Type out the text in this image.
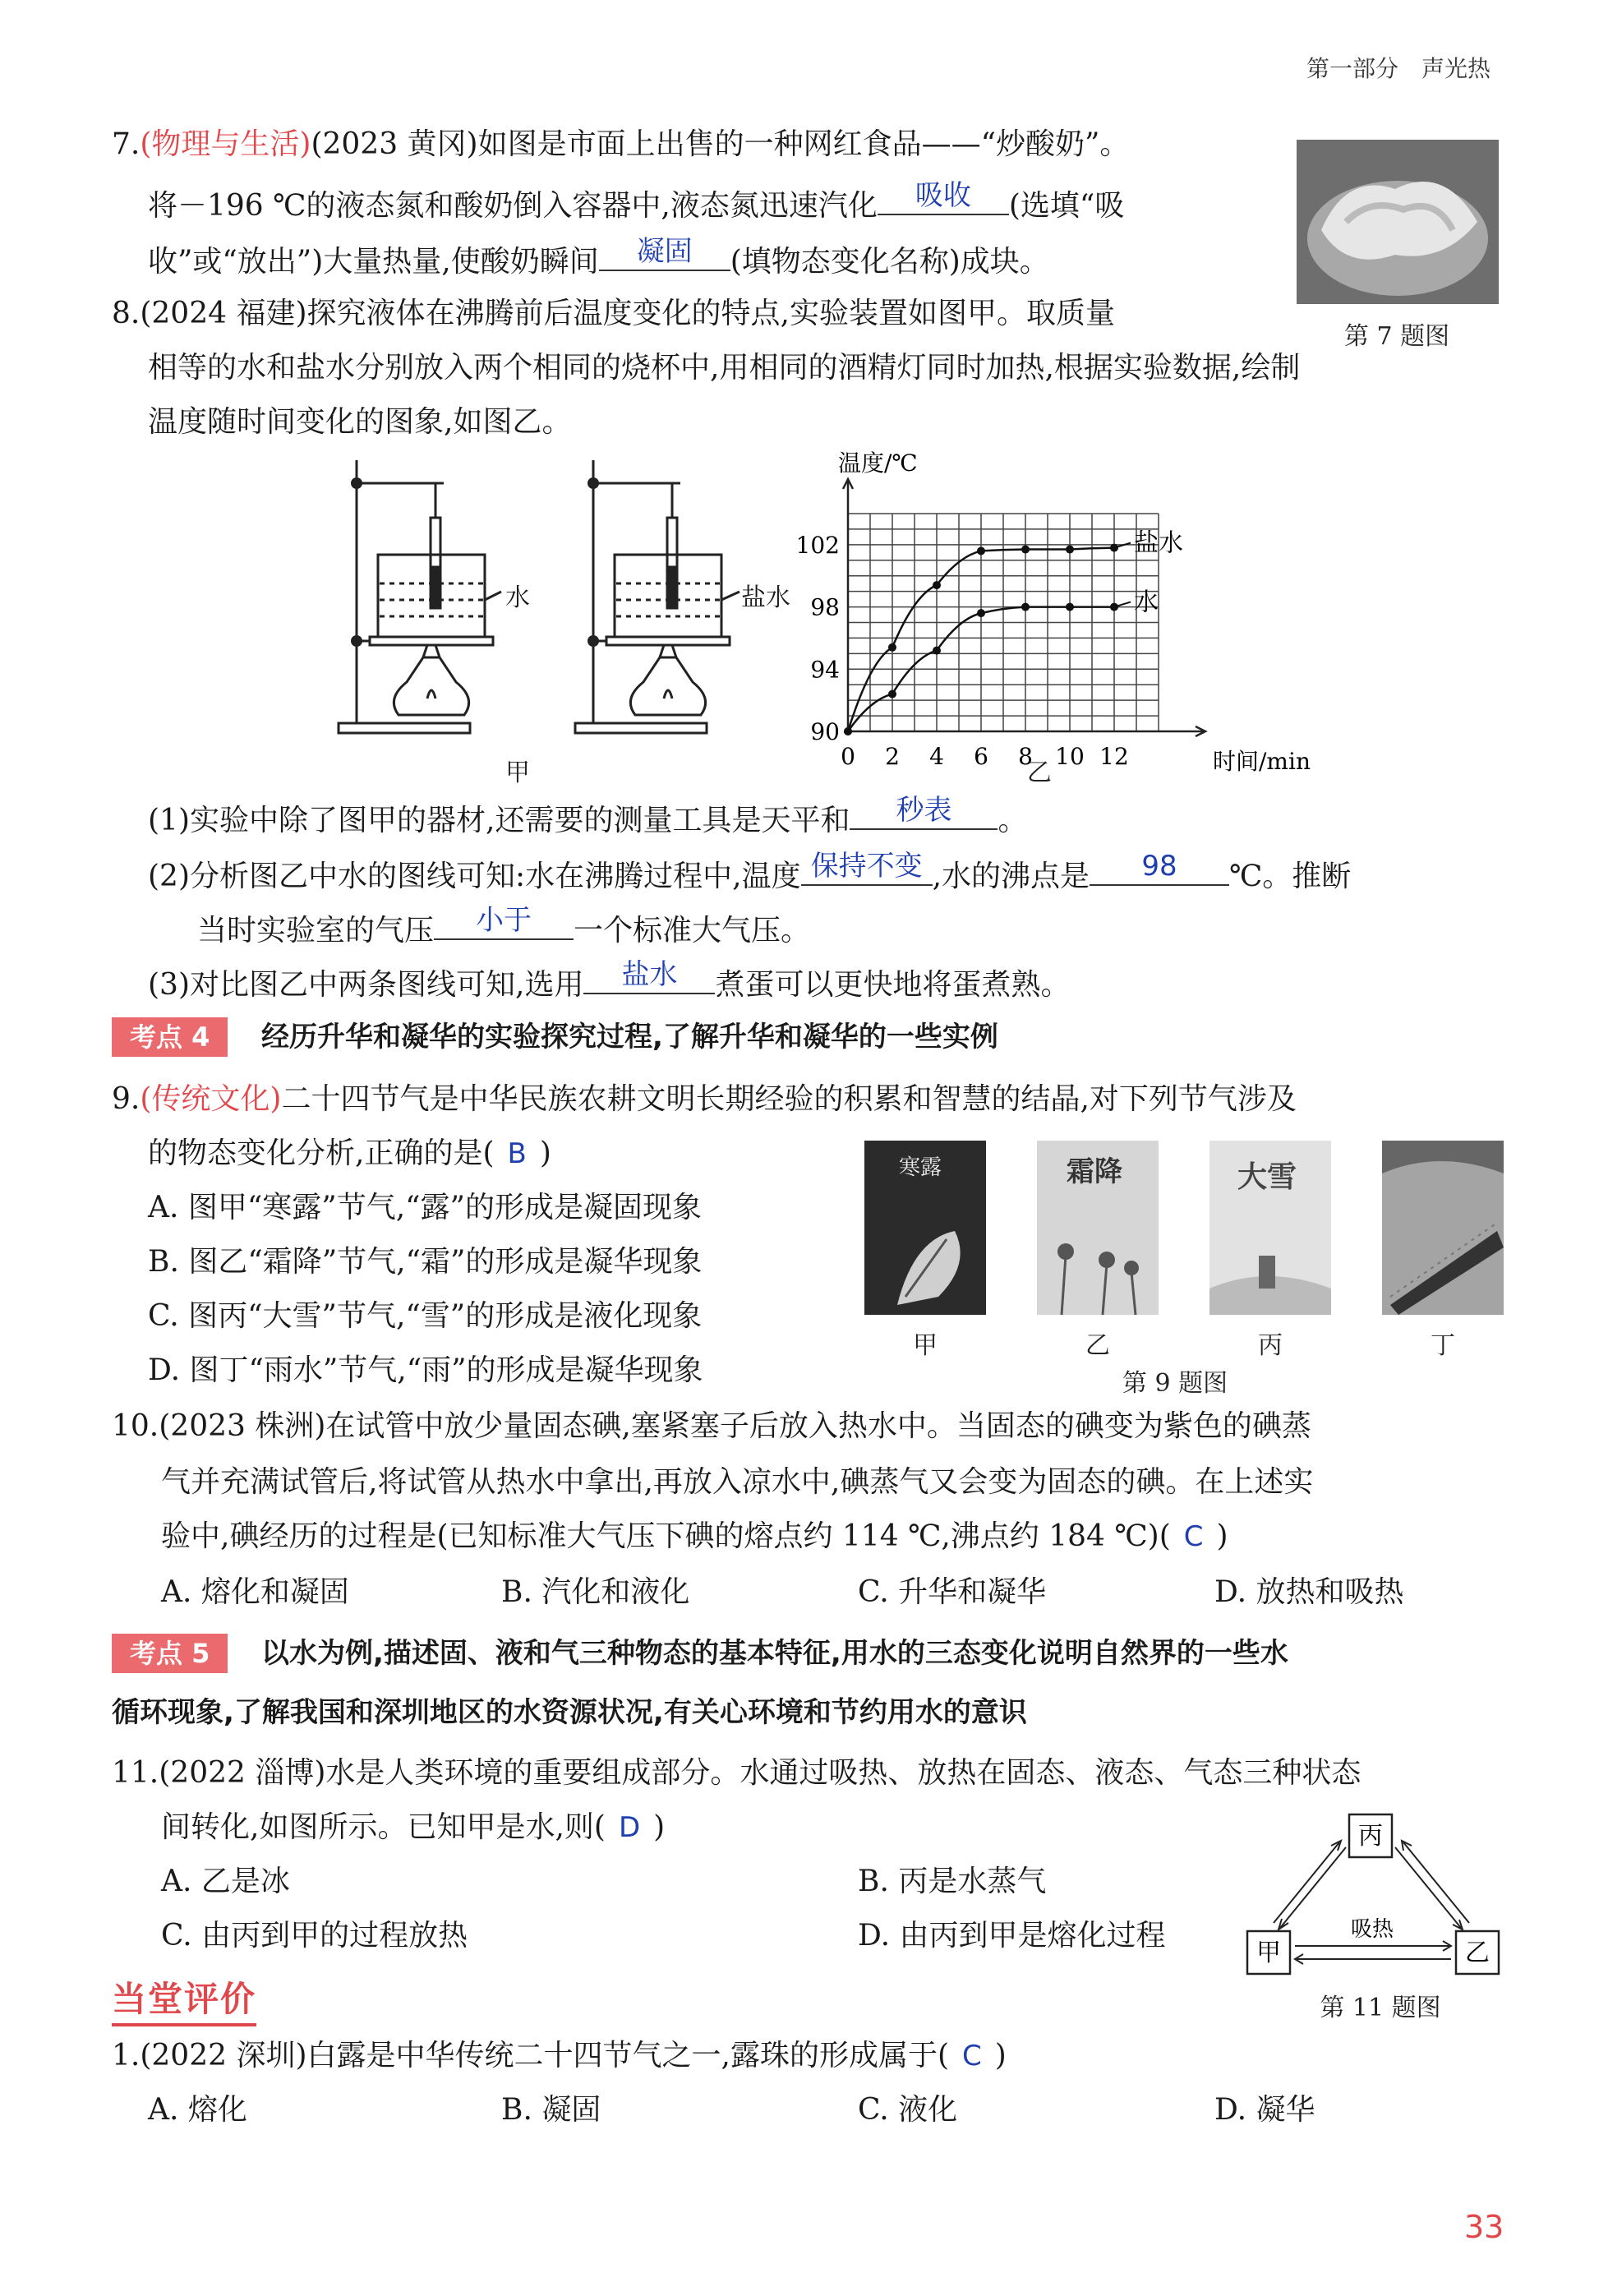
第一部分　声光热
7.(物理与生活)(2023 黄冈)如图是市面上出售的一种网红食品——“炒酸奶”。
将－196 ℃的液态氮和酸奶倒入容器中,液态氮迅速汽化	吸收	(选填“吸
收”或“放出”)大量热量,使酸奶瞬间	凝固	(填物态变化名称)成块。
第 7 题图
8.(2024 福建)探究液体在沸腾前后温度变化的特点,实验装置如图甲。取质量
相等的水和盐水分别放入两个相同的烧杯中,用相同的酒精灯同时加热,根据实验数据,绘制
温度随时间变化的图象,如图乙。
水	盐水
甲
盐水
水
温度/℃
时间/min
0 2 4 6 8 10 12
90
94
98
102
乙
(1)实验中除了图甲的器材,还需要的测量工具是天平和	秒表	。
(2)分析图乙中水的图线可知:水在沸腾过程中,温度 保持不变 ,水的沸点是	98	℃。推断
当时实验室的气压	小于	一个标准大气压。
(3)对比图乙中两条图线可知,选用	盐水	煮蛋可以更快地将蛋煮熟。
考点 4	经历升华和凝华的实验探究过程,了解升华和凝华的一些实例
9.(传统文化)二十四节气是中华民族农耕文明长期经验的积累和智慧的结晶,对下列节气涉及
的物态变化分析,正确的是( B )
A. 图甲“寒露”节气,“露”的形成是凝固现象
B. 图乙“霜降”节气,“霜”的形成是凝华现象
C. 图丙“大雪”节气,“雪”的形成是液化现象
D. 图丁“雨水”节气,“雨”的形成是凝华现象
寒露	霜降	大雪
甲	乙	丙	丁
第 9 题图
10.(2023 株洲)在试管中放少量固态碘,塞紧塞子后放入热水中。当固态的碘变为紫色的碘蒸
气并充满试管后,将试管从热水中拿出,再放入凉水中,碘蒸气又会变为固态的碘。在上述实
验中,碘经历的过程是(已知标准大气压下碘的熔点约 114 ℃,沸点约 184 ℃)( C )
A. 熔化和凝固	B. 汽化和液化	C. 升华和凝华	D. 放热和吸热
考点 5	以水为例,描述固、液和气三种物态的基本特征,用水的三态变化说明自然界的一些水
循环现象,了解我国和深圳地区的水资源状况,有关心环境和节约用水的意识
11.(2022 淄博)水是人类环境的重要组成部分。水通过吸热、放热在固态、液态、气态三种状态
间转化,如图所示。已知甲是水,则( D )
A. 乙是冰	B. 丙是水蒸气
C. 由丙到甲的过程放热	D. 由丙到甲是熔化过程
丙
甲	乙
吸热
第 11 题图
当堂评价
1.(2022 深圳)白露是中华传统二十四节气之一,露珠的形成属于( C )
A. 熔化	B. 凝固	C. 液化	D. 凝华
33
